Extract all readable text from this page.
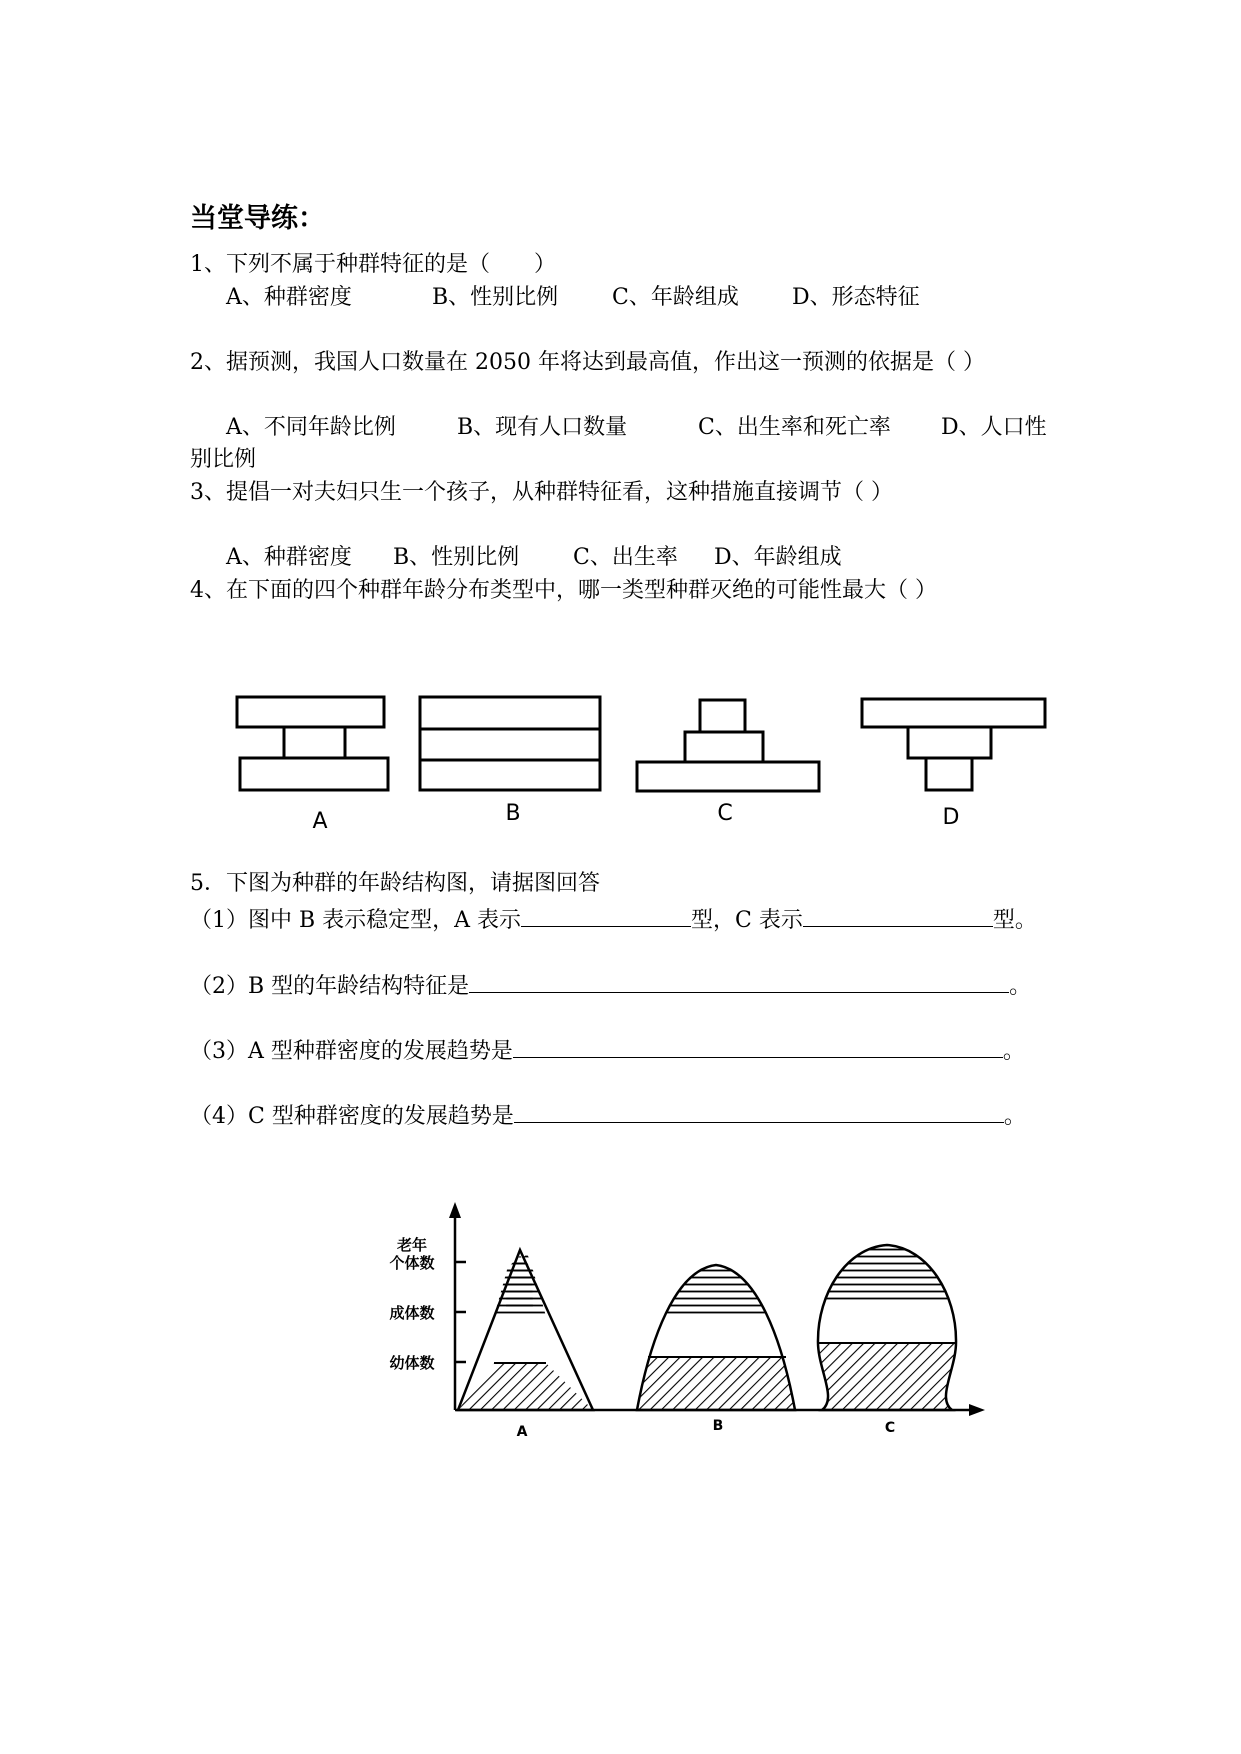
当堂导练：
1、下列不属于种群特征的是（　　）
A、种群密度	B、性别比例 C、年龄组成 D、形态特征
2、据预测，我国人口数量在 2050 年将达到最高值，作出这一预测的依据是（ ）
A、不同年龄比例	B、现有人口数量	C、出生率和死亡率 D、人口性
别比例
3、提倡一对夫妇只生一个孩子，从种群特征看，这种措施直接调节（ ）
A、种群密度 B、性别比例 C、出生率 D、年龄组成
4、在下面的四个种群年龄分布类型中，哪一类型种群灭绝的可能性最大（ ）
A	B	C	D
5．下图为种群的年龄结构图，请据图回答
（1）图中 B 表示稳定型，A 表示	型，C 表示	型。
（2）B 型的年龄结构特征是	。
（3）A 型种群密度的发展趋势是	。
（4）C 型种群密度的发展趋势是	。
老年
个体数
成体数
幼体数
A	B	C
